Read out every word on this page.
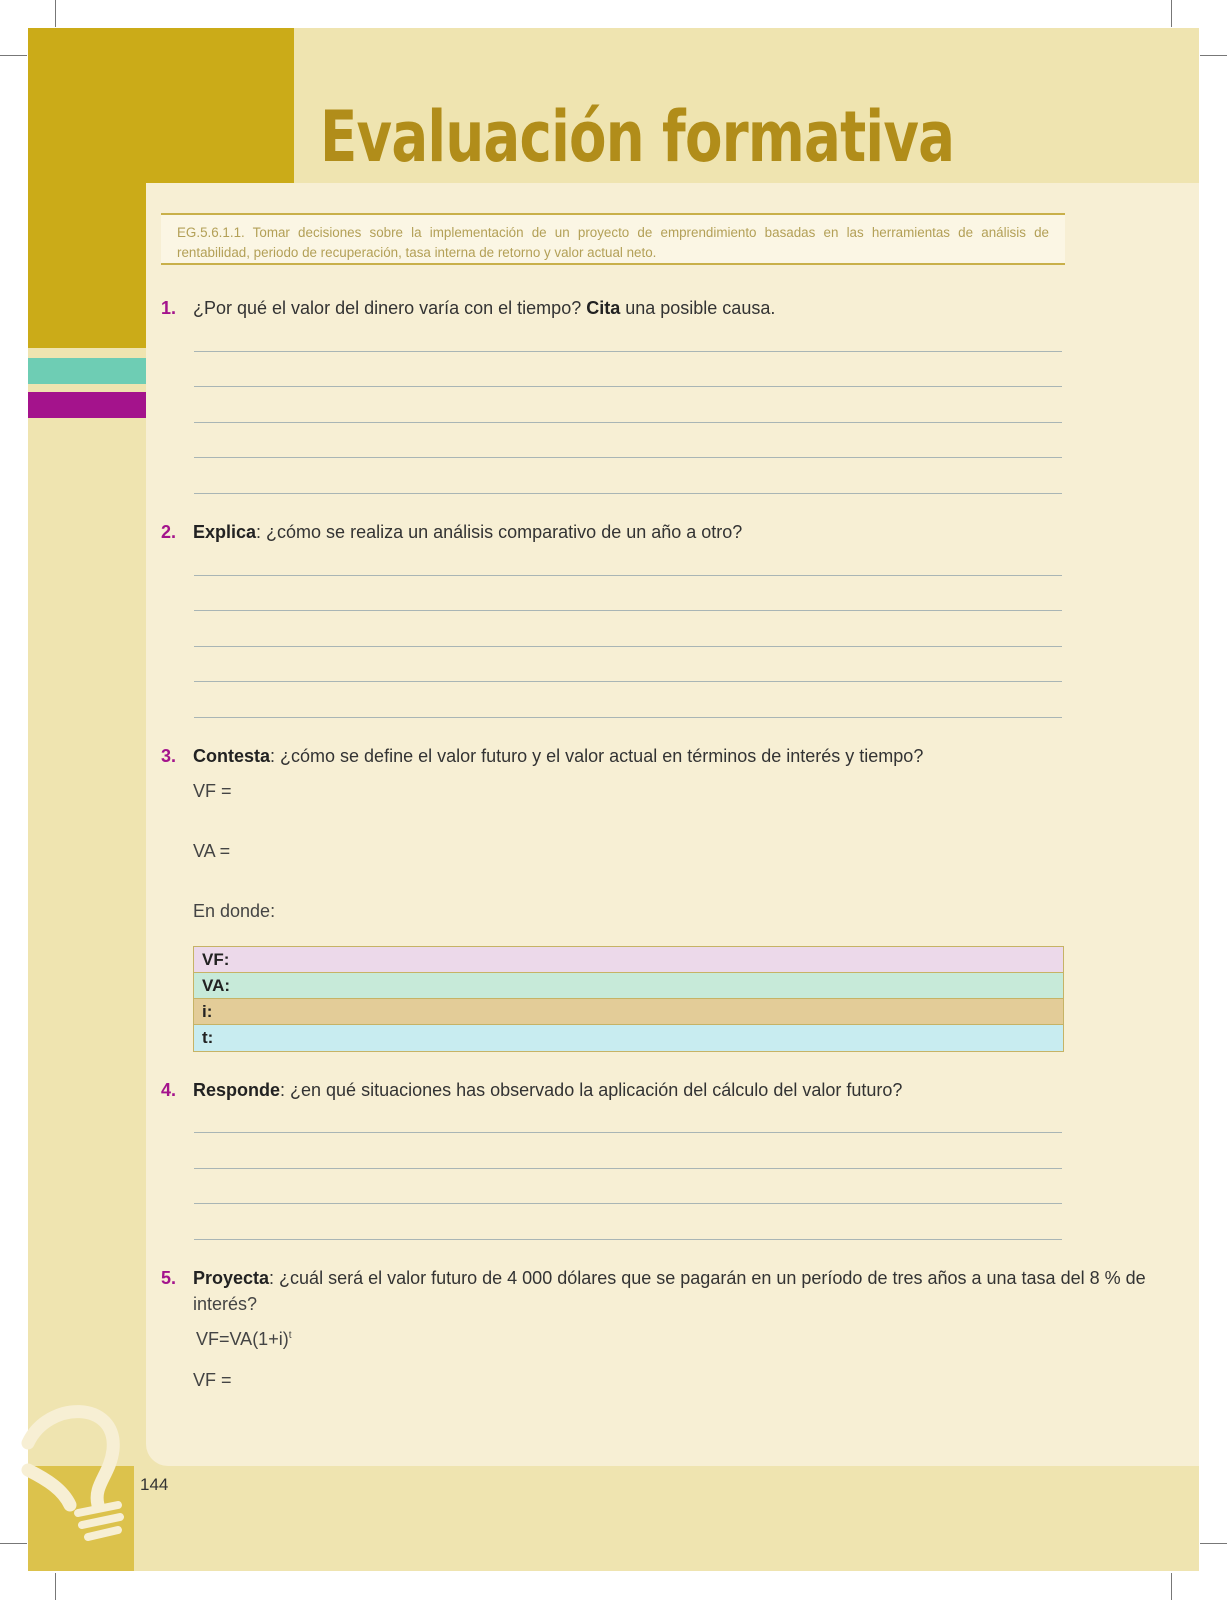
144
Evaluación formativa
EG.5.6.1.1. Tomar decisiones sobre la implementación de un proyecto de emprendimiento basadas en las herramientas de análisis de rentabilidad, periodo de recuperación, tasa interna de retorno y valor actual neto.
1. ¿Por qué el valor del dinero varía con el tiempo? Cita una posible causa.
2. Explica: ¿cómo se realiza un análisis comparativo de un año a otro?
3. Contesta: ¿cómo se define el valor futuro y el valor actual en términos de interés y tiempo?
VF =
VA =
En donde:
VF:
VA:
i:
t:
4. Responde: ¿en qué situaciones has observado la aplicación del cálculo del valor futuro?
5. Proyecta: ¿cuál será el valor futuro de 4 000 dólares que se pagarán en un período de tres años a una tasa del 8 % de
interés?
$VF=VA(1+i)^t$
VF =
